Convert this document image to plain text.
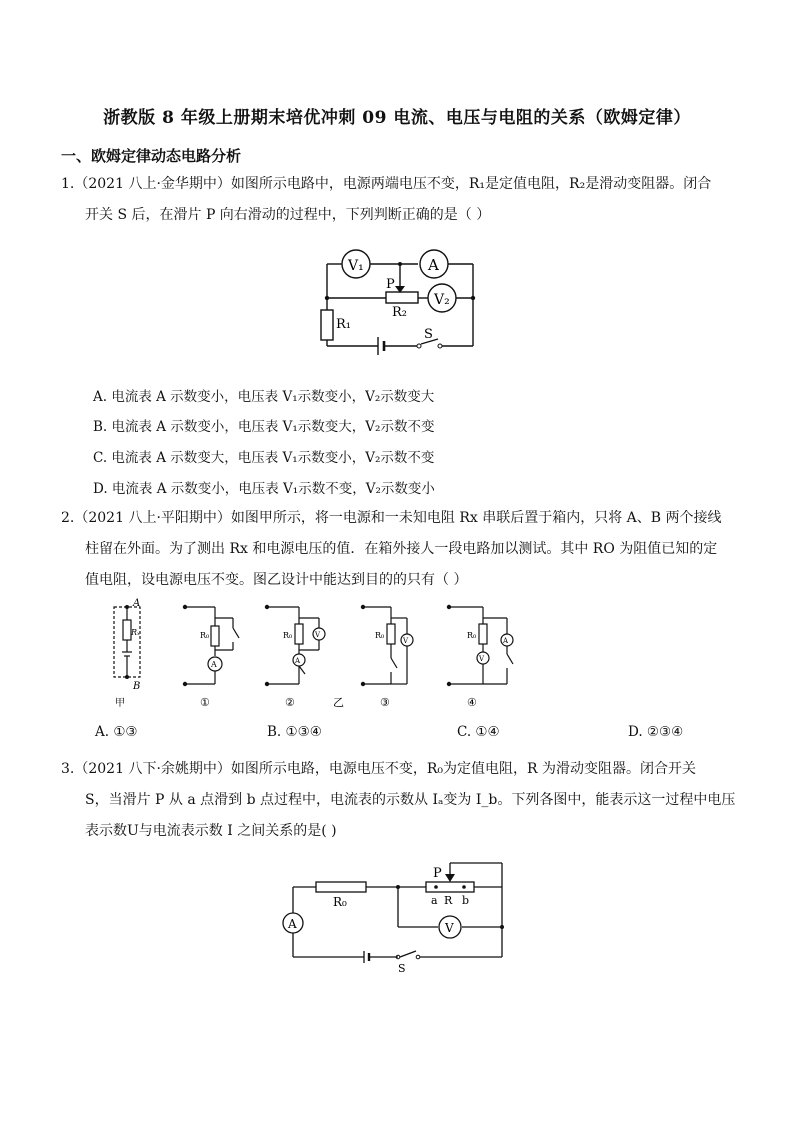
浙教版 8 年级上册期末培优冲刺 09 电流、电压与电阻的关系（欧姆定律）
一、欧姆定律动态电路分析
1.（2021 八上·金华期中）如图所示电路中，电源两端电压不变，R₁是定值电阻，R₂是滑动变阻器。闭合
开关 S 后，在滑片 P 向右滑动的过程中，下列判断正确的是（ ）
V₁	A
V₂
P
R₂
R₁
S
A. 电流表 A 示数变小，电压表 V₁示数变小，V₂示数变大
B. 电流表 A 示数变小，电压表 V₁示数变大，V₂示数不变
C. 电流表 A 示数变大，电压表 V₁示数变小，V₂示数不变
D. 电流表 A 示数变小，电压表 V₁示数不变，V₂示数变小
2.（2021 八上·平阳期中）如图甲所示，将一电源和一未知电阻 Rx 串联后置于箱内，只将 A、B 两个接线
柱留在外面。为了测出 Rx 和电源电压的值．在箱外接人一段电路加以测试。其中 RO 为阻值已知的定
值电阻，设电源电压不变。图乙设计中能达到目的的只有（ ）
A
B
Rₓ
甲	①	②	乙	③	④
R₀
A
R₀
A
V	R₀
V
R₀
V
A
A. ①③	B. ①③④	C. ①④	D. ②③④
3.（2021 八下·余姚期中）如图所示电路，电源电压不变，R₀为定值电阻，R 为滑动变阻器。闭合开关
S，当滑片 P 从 a 点滑到 b 点过程中，电流表的示数从 Iₐ变为 I_b。下列各图中，能表示这一过程中电压
表示数U与电流表示数 I 之间关系的是( )
P
a R b
R₀
A	V
S
